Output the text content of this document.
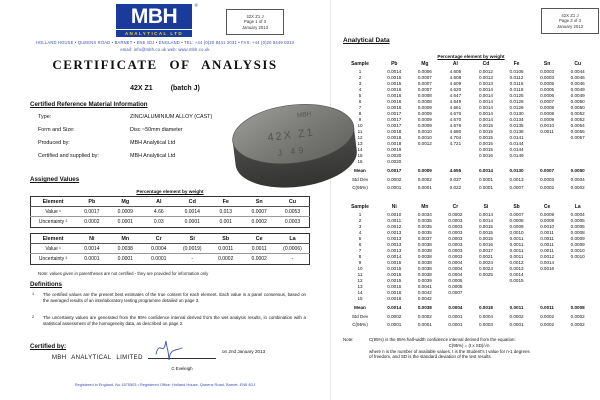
MBH
ANALYTICAL LTD
®
42X Z1 J
Page 1 of 3
January 2013
HOLLAND HOUSE • QUEENS ROAD • BARNET • EN5 4DJ • ENGLAND • TEL: +44 (0)20 8441 2031 • FAX: +44 (0)20 8449 0313
email: info@mbh.co.uk web: www.mbh.co.uk
CERTIFICATE OF ANALYSIS
42X Z1	(batch J)
Certified Reference Material Information
Type:	ZINC/ALUMINIUM ALLOY (CAST)
Form and Size:	Disc ~50mm diameter
Produced by:	MBH Analytical Ltd
Certified and supplied by:	MBH Analytical Ltd
Assigned Values
Percentage element by weight
Element	Pb	Mg	Al	Cd	Fe	Sn	Cu
Value ¹	0.0017	0.0009	4.66	0.0014	0.013	0.0007	0.0053
Uncertainty ²	0.0002	0.0001	0.03	0.0001	0.001	0.0002	0.0003
Element	Ni	Mn	Cr	Si	Sb	Ce	La
Value ¹	0.0014	0.0038	0.0004	(0.0019)	0.0011	0.0011	(0.0006)
Uncertainty ²	0.0001	0.0001	0.0001	-	0.0002	0.0002	-
Note: values given in parentheses are not certified - they are provided for information only
Definitions
1 The certified values are the present best estimates of the true content for each element. Each value is a panel consensus, based on the averaged results of an interlaboratory testing programme detailed on page 3.
2 The uncertainty values are generated from the 95% confidence interval derived from the wet analysis results, in combination with a statistical assessment of the homogeneity data, as described on page 2.
Certified by:
MBH ANALYTICAL LIMITED
C Eveleigh
on 2nd January 2013
Registered in England, No 1575503 • Registered Office: Holland House, Queens Road, Barnet, EN5 4DJ
42X Z1 J
Page 3 of 3
January 2013
Analytical Data
Percentage element by weight
Sample	Pb	Mg	Al	Cd	Fe	Sn	Cu
1	0.0014	0.0006	4.605	0.0012	0.0105	0.0003	0.0044
2	0.0015	0.0007	4.608	0.0013	0.0112	0.0003	0.0046
3	0.0015	0.0007	4.609	0.0013	0.0116	0.0005	0.0046
4	0.0016	0.0007	4.620	0.0014	0.0118	0.0005	0.0049
5	0.0016	0.0008	4.647	0.0014	0.0125	0.0006	0.0049
6	0.0016	0.0008	4.649	0.0014	0.0126	0.0007	0.0050
7	0.0016	0.0009	4.661	0.0014	0.0126	0.0008	0.0050
8	0.0017	0.0009	4.670	0.0014	0.0130	0.0008	0.0052
9	0.0017	0.0009	4.670	0.0014	0.0134	0.0009	0.0052
10	0.0017	0.0009	4.676	0.0015	0.0135	0.0010	0.0054
11	0.0018	0.0010	4.680	0.0015	0.0138	0.0011	0.0055
12	0.0018	0.0010	4.704	0.0015	0.0141		0.0057
13	0.0018	0.0012	4.721	0.0015	0.0144		
14	0.0019			0.0015	0.0144		
15	0.0020			0.0016	0.0149		
16	0.0020						
Mean	0.0017	0.0009	4.655	0.0014	0.0130	0.0007	0.0050
Std Dev	0.0002	0.0002	0.037	0.0001	0.0013	0.0003	0.0004
C(95%)	0.0001	0.0001	0.022	0.0001	0.0007	0.0002	0.0002
Sample	Ni	Mn	Cr	Si	Sb	Ce	La
1	0.0010	0.0034	0.0002	0.0014	0.0007	0.0009	0.0004
2	0.0011	0.0035	0.0003	0.0014	0.0008	0.0009	0.0005
3	0.0012	0.0035	0.0003	0.0015	0.0009	0.0010	0.0005
4	0.0013	0.0035	0.0003	0.0015	0.0010	0.0011	0.0008
5	0.0013	0.0037	0.0003	0.0015	0.0011	0.0011	0.0009
6	0.0013	0.0038	0.0003	0.0016	0.0011	0.0011	0.0009
7	0.0013	0.0038	0.0003	0.0017	0.0011	0.0011	0.0010
8	0.0014	0.0038	0.0003	0.0021	0.0011	0.0012	0.0010
9	0.0015	0.0038	0.0004	0.0024	0.0012	0.0014	
10	0.0015	0.0038	0.0004	0.0024	0.0013	0.0016	
11	0.0015	0.0038	0.0004	0.0025	0.0014		
12	0.0015	0.0039	0.0005		0.0015		
13	0.0015	0.0041	0.0005				
14	0.0016	0.0042	0.0007				
15	0.0016	0.0042					
Mean	0.0014	0.0038	0.0004	0.0018	0.0011	0.0011	0.0008
Std Dev	0.0002	0.0002	0.0001	0.0004	0.0002	0.0002	0.0002
C(95%)	0.0001	0.0001	0.0001	0.0003	0.0001	0.0002	0.0002
Note:	C(95%) is the 95% half-width confidence interval derived from the equation:
C(95%) = (t x SD)/√n
where n is the number of available values, t is the Student's t value for n-1 degrees
of freedom, and SD is the standard deviation of the test results.
MBH
42X Z1
J 49
